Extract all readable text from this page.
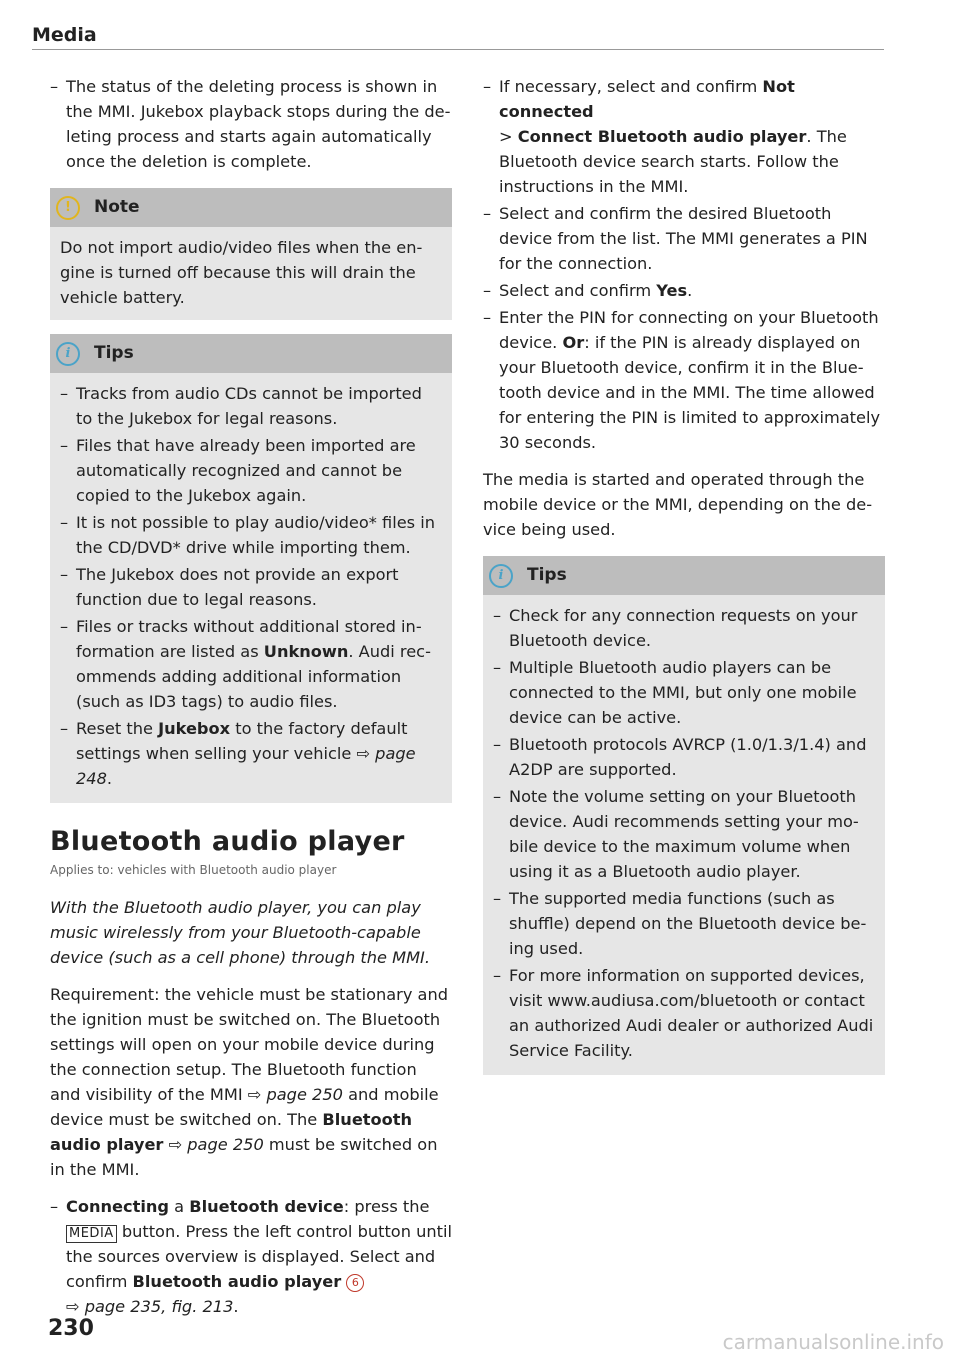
Media
– The status of the deleting process is shown in the MMI. Jukebox playback stops during the deleting process and starts again automatically once the deletion is complete.
!	Note
Do not import audio/video files when the engine is turned off because this will drain the vehicle battery.
i	Tips
– Tracks from audio CDs cannot be imported to the Jukebox for legal reasons.
– Files that have already been imported are automatically recognized and cannot be copied to the Jukebox again.
– It is not possible to play audio/video* files in the CD/DVD* drive while importing them.
– The Jukebox does not provide an export function due to legal reasons.
– Files or tracks without additional stored information are listed as Unknown. Audi recommends adding additional information (such as ID3 tags) to audio files.
– Reset the Jukebox to the factory default settings when selling your vehicle ⇨ page 248.
Bluetooth audio player
Applies to: vehicles with Bluetooth audio player
With the Bluetooth audio player, you can play music wirelessly from your Bluetooth-capable device (such as a cell phone) through the MMI.

Requirement: the vehicle must be stationary and the ignition must be switched on. The Bluetooth settings will open on your mobile device during the connection setup. The Bluetooth function and visibility of the MMI ⇨ page 250 and mobile device must be switched on. The Bluetooth audio player ⇨ page 250 must be switched on in the MMI.

– Connecting a Bluetooth device: press the MEDIA button. Press the left control button until the sources overview is displayed. Select and confirm Bluetooth audio player 6
⇨ page 235, fig. 213.
– If necessary, select and confirm Not connected
> Connect Bluetooth audio player. The Bluetooth device search starts. Follow the instructions in the MMI.
– Select and confirm the desired Bluetooth device from the list. The MMI generates a PIN for the connection.
– Select and confirm Yes.
– Enter the PIN for connecting on your Bluetooth device. Or: if the PIN is already displayed on your Bluetooth device, confirm it in the Bluetooth device and in the MMI. The time allowed for entering the PIN is limited to approximately 30 seconds.

The media is started and operated through the mobile device or the MMI, depending on the device being used.

i	Tips
– Check for any connection requests on your Bluetooth device.
– Multiple Bluetooth audio players can be connected to the MMI, but only one mobile device can be active.
– Bluetooth protocols AVRCP (1.0/1.3/1.4) and A2DP are supported.
– Note the volume setting on your Bluetooth device. Audi recommends setting your mobile device to the maximum volume when using it as a Bluetooth audio player.
– The supported media functions (such as shuffle) depend on the Bluetooth device being used.
– For more information on supported devices, visit www.audiusa.com/bluetooth or contact an authorized Audi dealer or authorized Audi Service Facility.
230
carmanualsonline.info
